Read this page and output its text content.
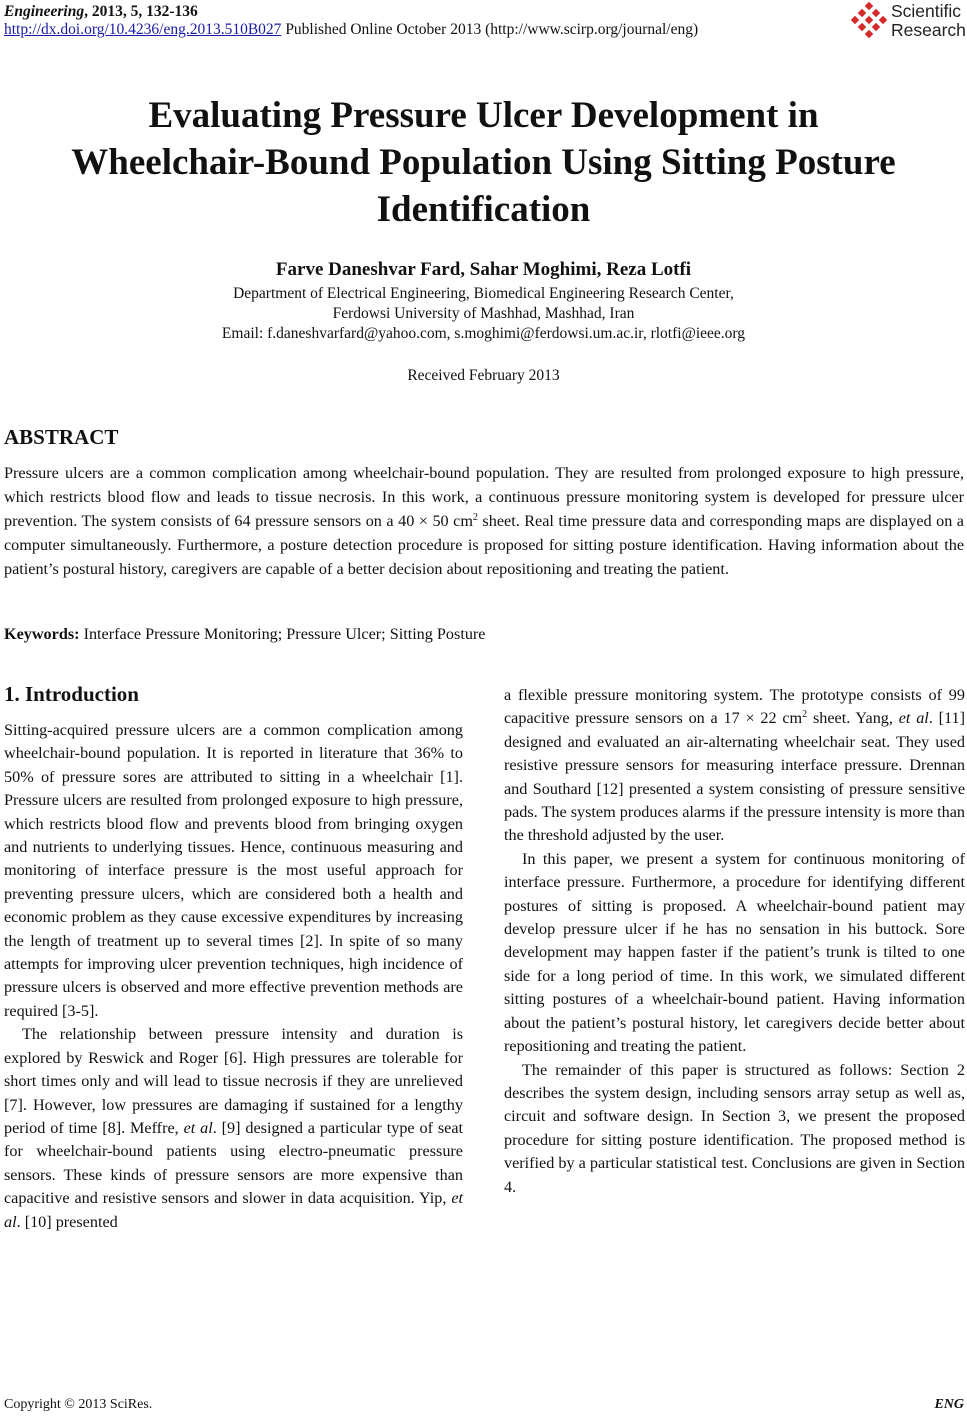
Engineering, 2013, 5, 132-136
http://dx.doi.org/10.4236/eng.2013.510B027 Published Online October 2013 (http://www.scirp.org/journal/eng)
Scientific
Research
Evaluating Pressure Ulcer Development in
Wheelchair-Bound Population Using Sitting Posture
Identification
Farve Daneshvar Fard, Sahar Moghimi, Reza Lotfi
Department of Electrical Engineering, Biomedical Engineering Research Center,
Ferdowsi University of Mashhad, Mashhad, Iran
Email: f.daneshvarfard@yahoo.com, s.moghimi@ferdowsi.um.ac.ir, rlotfi@ieee.org
Received February 2013
ABSTRACT
Pressure ulcers are a common complication among wheelchair-bound population. They are resulted from prolonged exposure to high pressure, which restricts blood flow and leads to tissue necrosis. In this work, a continuous pressure monitoring system is developed for pressure ulcer prevention. The system consists of 64 pressure sensors on a 40 × 50 $cm^2$ sheet. Real time pressure data and corresponding maps are displayed on a computer simultaneously. Furthermore, a posture detection procedure is proposed for sitting posture identification. Having information about the patient’s postural history, caregivers are capable of a better decision about repositioning and treating the patient.
Keywords: Interface Pressure Monitoring; Pressure Ulcer; Sitting Posture
1. Introduction

Sitting-acquired pressure ulcers are a common complication among wheelchair-bound population. It is reported in literature that 36% to 50% of pressure sores are attributed to sitting in a wheelchair [1]. Pressure ulcers are resulted from prolonged exposure to high pressure, which restricts blood flow and prevents blood from bringing oxygen and nutrients to underlying tissues. Hence, continuous measuring and monitoring of interface pressure is the most useful approach for preventing pressure ulcers, which are considered both a health and economic problem as they cause excessive expenditures by increasing the length of treatment up to several times [2]. In spite of so many attempts for improving ulcer prevention techniques, high incidence of pressure ulcers is observed and more effective prevention methods are required [3-5].

The relationship between pressure intensity and duration is explored by Reswick and Roger [6]. High pressures are tolerable for short times only and will lead to tissue necrosis if they are unrelieved [7]. However, low pressures are damaging if sustained for a lengthy period of time [8]. Meffre, et al. [9] designed a particular type of seat for wheelchair-bound patients using electro-pneumatic pressure sensors. These kinds of pressure sensors are more expensive than capacitive and resistive sensors and slower in data acquisition. Yip, et al. [10] presented

a flexible pressure monitoring system. The prototype consists of 99 capacitive pressure sensors on a 17 × 22 $cm^2$ sheet. Yang, et al. [11] designed and evaluated an air-alternating wheelchair seat. They used resistive pressure sensors for measuring interface pressure. Drennan and Southard [12] presented a system consisting of pressure sensitive pads. The system produces alarms if the pressure intensity is more than the threshold adjusted by the user.

In this paper, we present a system for continuous monitoring of interface pressure. Furthermore, a procedure for identifying different postures of sitting is proposed. A wheelchair-bound patient may develop pressure ulcer if he has no sensation in his buttock. Sore development may happen faster if the patient’s trunk is tilted to one side for a long period of time. In this work, we simulated different sitting postures of a wheelchair-bound patient. Having information about the patient’s postural history, let caregivers decide better about repositioning and treating the patient.

The remainder of this paper is structured as follows: Section 2 describes the system design, including sensors array setup as well as, circuit and software design. In Section 3, we present the proposed procedure for sitting posture identification. The proposed method is verified by a particular statistical test. Conclusions are given in Section 4.

Copyright © 2013 SciRes.	ENG
